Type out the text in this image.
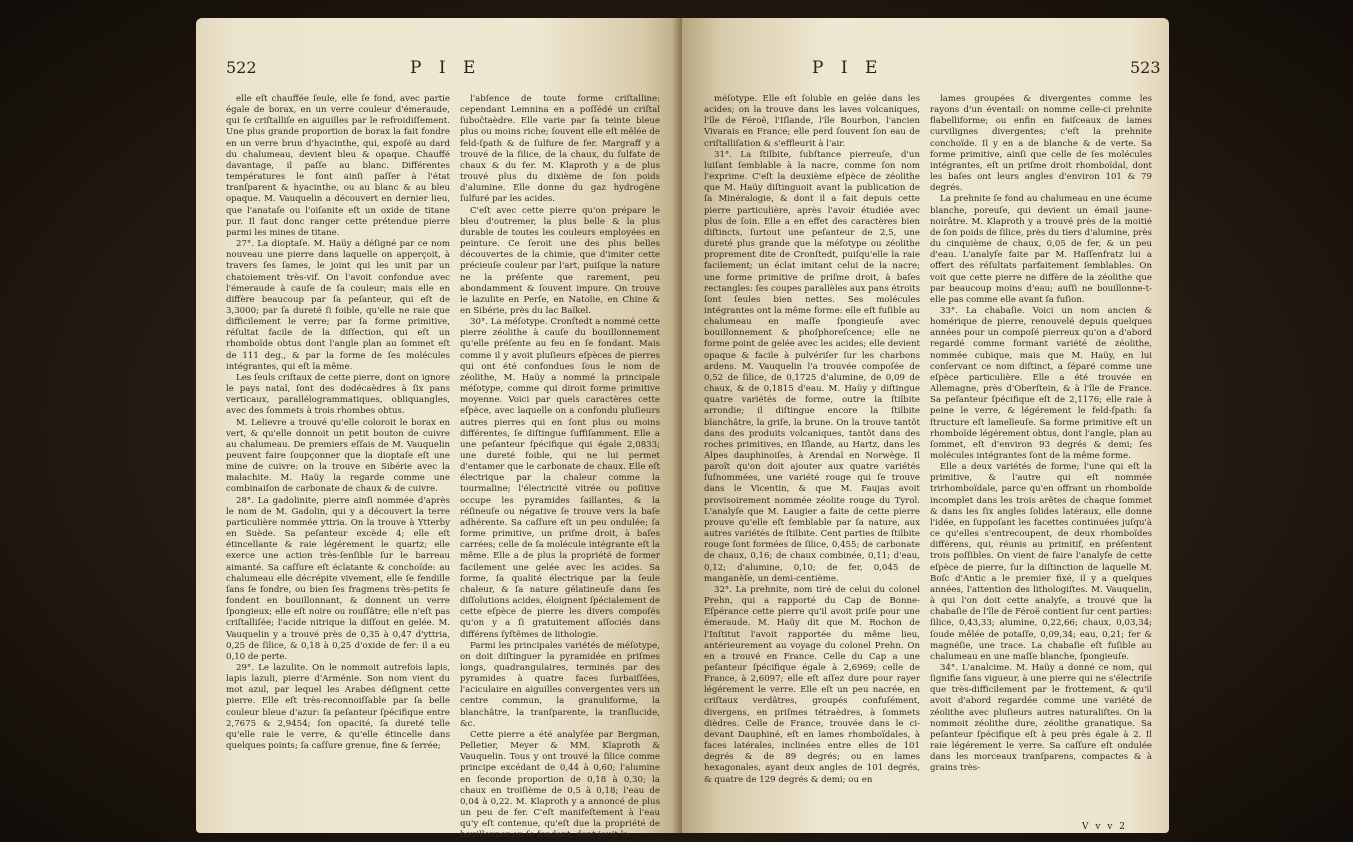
522	P I E

elle eſt chauffée ſeule, elle ſe fond, avec partie égale de borax, en un verre couleur d'émeraude, qui ſe criſtalliſe en aiguilles par le refroidiſſement. Une plus grande proportion de borax la fait fondre en un verre brun d'hyacinthe, qui, expoſé au dard du chalumeau, devient bleu & opaque. Chauffé davantage, il paſſe au blanc. Différentes températures le font ainſi paſſer à l'état tranſparent & hyacinthe, ou au blanc & au bleu opaque. M. Vauquelin a découvert en dernier lieu, que l'anataſe ou l'oiſanite eſt un oxide de titane pur. Il faut donc ranger cette prétendue pierre parmi les mines de titane.

27°. La dioptaſe. M. Haüy a déſigné par ce nom nouveau une pierre dans laquelle on apperçoit, à travers ſes ſames, le joint qui les unit par un chatoiement très-vif. On l'avoit confondue avec l'émeraude à cauſe de ſa couleur; mais elle en diffère beaucoup par ſa peſanteur, qui eſt de 3,3000; par ſa dureté ſi foible, qu'elle ne raie que difficilement le verre; par ſa forme primitive, réſultat facile de la diſſection, qui eſt un rhomboïde obtus dont l'angle plan au ſommet eſt de 111 deg., & par la forme de ſes molécules intégrantes, qui eſt la même.

Les ſeuls criſtaux de cette pierre, dont on ignore le pays natal, ſont des dodécaèdres à ſix pans verticaux, parallélogrammatiques, obliquangles, avec des ſommets à trois rhombes obtus.

M. Lelievre a trouvé qu'elle coloroit le borax en vert, & qu'elle donnoit un petit bouton de cuivre au chalumeau. De premiers eſſais de M. Vauquelin peuvent faire ſoupçonner que la dioptaſe eſt une mine de cuivre: on la trouve en Sibérie avec la malachite. M. Haüy la regarde comme une combinaiſon de carbonate de chaux & de cuivre.

28°. La gadolinite, pierre ainſi nommée d'après le nom de M. Gadolin, qui y a découvert la terre particulière nommée yttria. On la trouve à Ytterby en Suède. Sa peſanteur excède 4; elle eſt étincellante & raie légérement le quartz; elle exerce une action très-ſenſible ſur le barreau aimanté. Sa caſſure eſt éclatante & conchoïde: au chalumeau elle décrépite vivement, elle ſe fendille ſans ſe fondre, ou bien ſes fragmens très-petits ſe fondent en bouillonnant, & donnent un verre ſpongieux; elle eſt noire ou rouſſâtre; elle n'eſt pas criſtalliſée; l'acide nitrique la diſſout en gelée. M. Vauquelin y a trouvé près de 0,35 à 0,47 d'yttria, 0,25 de ſilice, & 0,18 à 0,25 d'oxide de fer: il a eu 0,10 de perte.

29°. Le lazulite. On le nommoit autrefois lapis, lapis lazuli, pierre d'Arménie. Son nom vient du mot azul, par lequel les Arabes déſignent cette pierre. Elle eſt très-reconnoiſſable par ſa belle couleur bleue d'azur: ſa peſanteur ſpécifique entre 2,7675 & 2,9454; ſon opacité, ſa dureté telle qu'elle raie le verre, & qu'elle étincelle dans quelques points; ſa caſſure grenue, fine & ſerrée;

l'abſence de toute forme criſtalline: cependant Lemnina en a poſſédé un criſtal ſubočtaèdre. Elle varie par ſa teinte bleue plus ou moins riche; ſouvent elle eſt mêlée de feld-ſpath & de ſulfure de fer. Margraff y a trouvé de la ſilice, de la chaux, du ſulfate de chaux & du fer. M. Klaproth y a de plus trouvé plus du dixième de ſon poids d'alumine. Elle donne du gaz hydrogène ſulfuré par les acides.

C'eſt avec cette pierre qu'on prépare le bleu d'outremer, la plus belle & la plus durable de toutes les couleurs employées en peinture. Ce ſeroit une des plus belles découvertes de la chimie, que d'imiter cette précieuſe couleur par l'art, puiſque la nature ne la préſente que rarement, peu abondamment & ſouvent impure. On trouve le lazulite en Perſe, en Natolie, en Chine & en Sibérie, près du lac Baïkel.

30°. La méſotype. Cronſtedt a nommé cette pierre zéolithe à cauſe du bouillonnement qu'elle préſente au feu en ſe fondant. Mais comme il y avoit pluſieurs eſpèces de pierres qui ont été confondues ſous le nom de zéolithe, M. Haüy a nommé la principale méſotype, comme qui diroit forme primitive moyenne. Voici par quels caractères cette eſpèce, avec laquelle on a confondu pluſieurs autres pierres qui en ſont plus ou moins différentes, ſe diſtingue ſuffiſamment. Elle a une peſanteur ſpécifique qui égale 2,0833; une dureté foible, qui ne lui permet d'entamer que le carbonate de chaux. Elle eſt électrique par la chaleur comme la tourmaline; l'électricité vitrée ou poſitive occupe les pyramides ſaillantes, & la réſineuſe ou négative ſe trouve vers la baſe adhérente. Sa caſſure eſt un peu ondulée; ſa forme primitive, un priſme droit, à baſes carrées; celle de ſa molécule intégrante eſt la même. Elle a de plus la propriété de former facilement une gelée avec les acides. Sa forme, ſa qualité électrique par la ſeule chaleur, & ſa nature gélatineuſe dans ſes diſſolutions acides, éloignent ſpécialement de cette eſpèce de pierre les divers compoſés qu'on y a ſi gratuitement aſſociés dans différens ſyſtêmes de lithologie.

Parmi les principales variétés de méſotype, on doit diſtinguer la pyramidée en priſmes longs, quadrangulaires, terminés par des pyramides à quatre faces ſurbaiſſées, l'aciculaire en aiguilles convergentes vers un centre commun, la granuliforme, la blanchâtre, la tranſparente, la tranſlucide, &c.

Cette pierre a été analyſée par Bergman, Pelletier, Meyer & MM. Klaproth & Vauquelin. Tous y ont trouvé la ſilice comme principe excédant de 0,44 à 0,60; l'alumine en ſeconde proportion de 0,18 à 0,30; la chaux en troiſième de 0,5 à 0,18; l'eau de 0,04 à 0,22. M. Klaproth y a annoncé de plus un peu de fer. C'eſt manifeſtement à l'eau qu'y eſt contenue, qu'eſt due la propriété de bouillonner en ſe fondant, dont jouit la

P I E	523

méſotype. Elle eſt ſoluble en gelée dans les acides; on la trouve dans les laves volcaniques, l'île de Féroë, l'Iſlande, l'île Bourbon, l'ancien Vivarais en France; elle perd ſouvent ſon eau de criſtalliſation & s'effleurit à l'air.

31°. La ſtilbite, ſubſtance pierreuſe, d'un luiſant ſemblable à la nacre, comme ſon nom l'exprime. C'eſt la deuxième eſpèce de zéolithe que M. Haüy diſtinguoit avant la publication de ſa Minéralogie, & dont il a fait depuis cette pierre particulière, après l'avoir étudiée avec plus de ſoin. Elle a en effet des caractères bien diſtincts, ſurtout une peſanteur de 2,5, une dureté plus grande que la méſotype ou zéolithe proprement dite de Cronſtedt, puiſqu'elle la raie facilement; un éclat imitant celui de la nacre; une forme primitive de priſme droit, à baſes rectangles: ſes coupes parallèles aux pans étroits ſont ſeules bien nettes. Ses molécules intégrantes ont la même forme: elle eſt fuſible au chalumeau en maſſe ſpongieuſe avec bouillonnement & phoſphoreſcence; elle ne forme point de gelée avec les acides; elle devient opaque & facile à pulvériſer ſur les charbons ardens. M. Vauquelin l'a trouvée compoſée de 0,52 de ſilice, de 0,1725 d'alumine, de 0,09 de chaux, & de 0,1815 d'eau. M. Haüy y diſtingue quatre variétés de forme, outre la ſtilbite arrondie; il diſtingue encore la ſtilbite blanchâtre, la griſe, la brune. On la trouve tantôt dans des produits volcaniques, tantôt dans des roches primitives, en Iſlande, au Hartz, dans les Alpes dauphinoiſes, à Arendal en Norwège. Il paroît qu'on doit ajouter aux quatre variétés ſuſnommées, une variété rouge qui ſe trouve dans le Vicentin, & que M. Faujas avoit provisoirement nommée zéolite rouge du Tyrol. L'analyſe que M. Laugier a faite de cette pierre prouve qu'elle eſt ſemblable par ſa nature, aux autres variétés de ſtilbite. Cent parties de ſtilbite rouge ſont formées de ſilice, 0,455; de carbonate de chaux, 0,16; de chaux combinée, 0,11; d'eau, 0,12; d'alumine, 0,10; de fer, 0,045 de manganèſe, un demi-centième.

32°. La prehnite, nom tiré de celui du colonel Prehn, qui a rapporté du Cap de Bonne-Eſpérance cette pierre qu'il avoit priſe pour une émeraude. M. Haüy dit que M. Rochon de l'Inſtitut l'avoit rapportée du même lieu, antérieurement au voyage du colonel Prehn. On en a trouvé en France. Celle du Cap a une peſanteur ſpécifique égale à 2,6969; celle de France, à 2,6097; elle eſt aſſez dure pour rayer légérement le verre. Elle eſt un peu nacrée, en criſtaux verdâtres, groupés confuſément, divergens, en priſmes tétraèdres, à ſommets dièdres. Celle de France, trouvée dans le ci-devant Dauphiné, eſt en lames rhomboïdales, à faces latérales, inclinées entre elles de 101 degrés & de 89 degrés; ou en lames hexagonales, ayant deux angles de 101 degrés, & quatre de 129 degrés & demi; ou en

lames groupées & divergentes comme les rayons d'un éventail: on nomme celle-ci prehnite flabelliforme; ou enfin en faiſceaux de lames curvilignes divergentes; c'eſt la prehnite conchoïde. Il y en a de blanche & de verte. Sa forme primitive, ainſi que celle de ſes molécules intégrantes, eſt un priſme droit rhomboïdal, dont les baſes ont leurs angles d'environ 101 & 79 degrés.

La prehnite ſe fond au chalumeau en une écume blanche, poreuſe, qui devient un émail jaune-noirâtre. M. Klaproth y a trouvé près de la moitié de ſon poids de ſilice, près du tiers d'alumine, près du cinquième de chaux, 0,05 de fer, & un peu d'eau. L'analyſe faite par M. Haſſenfratz lui a offert des réſultats parfaitement ſemblables. On voit que cette pierre ne diffère de la zéolithe que par beaucoup moins d'eau; auſſi ne bouillonne-t-elle pas comme elle avant ſa fuſion.

33°. La chabaſie. Voici un nom ancien & homérique de pierre, renouvelé depuis quelques années pour un compoſé pierreux qu'on a d'abord regardé comme formant variété de zéolithe, nommée cubique, mais que M. Haüy, en lui conſervant ce nom diſtinct, a ſéparé comme une eſpèce particulière. Elle a été trouvée en Allemagne, près d'Oberſtein, & à l'île de France. Sa peſanteur ſpécifique eſt de 2,1176; elle raie à peine le verre, & légérement le feld-ſpath: ſa ſtructure eſt lamelleuſe. Sa forme primitive eſt un rhomboïde légérement obtus, dont l'angle, plan au ſommet, eſt d'environ 93 degrés & demi; ſes molécules intégrantes ſont de la même forme.

Elle a deux variétés de forme; l'une qui eſt la primitive, & l'autre qui eſt nommée trirhomboïdale, parce qu'en offrant un rhomboïde incomplet dans les trois arêtes de chaque ſommet & dans les ſix angles ſolides latéraux, elle donne l'idée, en ſuppoſant les facettes continuées juſqu'à ce qu'elles s'entrecoupent, de deux rhomboïdes différens, qui, réunis au primitif, en préſentent trois poſſibles. On vient de faire l'analyſe de cette eſpèce de pierre, ſur la diſtinction de laquelle M. Boſc d'Antic a le premier fixé, il y a quelques années, l'attention des lithologiſtes. M. Vauquelin, à qui l'on doit cette analyſe, a trouvé que la chabaſie de l'île de Féroë contient ſur cent parties: ſilice, 0,43,33; alumine, 0,22,66; chaux, 0,03,34; ſoude mêlée de potaſſe, 0,09,34; eau, 0,21; fer & magnéſie, une trace. La chabaſie eſt fuſible au chalumeau en une maſſe blanche, ſpongieuſe.

34°. L'analcime. M. Haüy a donné ce nom, qui ſignifie ſans vigueur, à une pierre qui ne s'électriſe que très-difficilement par le frottement, & qu'il avoit d'abord regardée comme une variété de zéolithe avec pluſieurs autres naturaliſtes. On la nommoit zéolithe dure, zéolithe granatique. Sa peſanteur ſpécifique eſt à peu près égale à 2. Il raie légérement le verre. Sa caſſure eſt ondulée dans les morceaux tranſparens, compactes & à grains très-

V v v 2
